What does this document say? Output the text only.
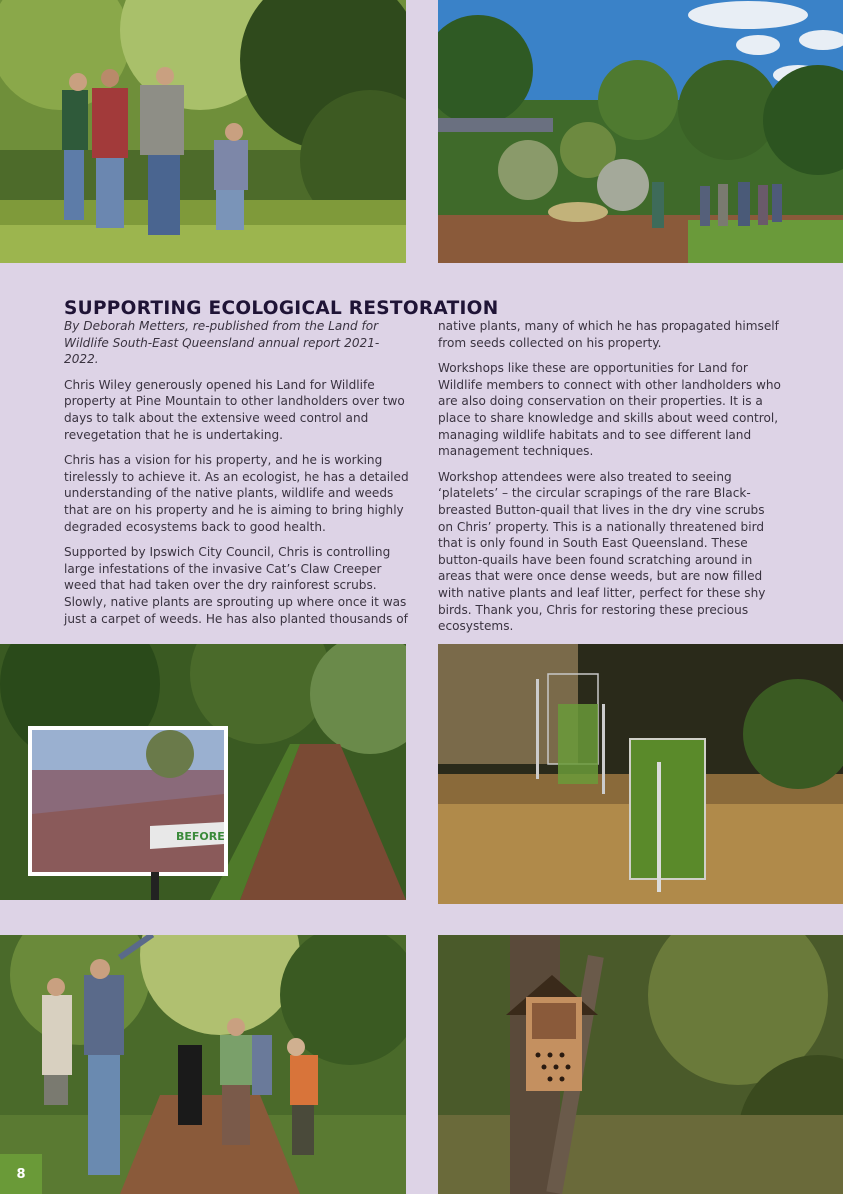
SUPPORTING ECOLOGICAL RESTORATION

By Deborah Metters, re-published from the Land for Wildlife South-East Queensland annual report 2021-2022.

Chris Wiley generously opened his Land for Wildlife property at Pine Mountain to other landholders over two days to talk about the extensive weed control and revegetation that he is undertaking.

Chris has a vision for his property, and he is working tirelessly to achieve it. As an ecologist, he has a detailed understanding of the native plants, wildlife and weeds that are on his property and he is aiming to bring highly degraded ecosystems back to good health.

Supported by Ipswich City Council, Chris is controlling large infestations of the invasive Cat’s Claw Creeper weed that had taken over the dry rainforest scrubs. Slowly, native plants are sprouting up where once it was just a carpet of weeds. He has also planted thousands of

native plants, many of which he has propagated himself from seeds collected on his property.

Workshops like these are opportunities for Land for Wildlife members to connect with other landholders who are also doing conservation on their properties. It is a place to share knowledge and skills about weed control, managing wildlife habitats and to see different land management techniques.

Workshop attendees were also treated to seeing ‘platelets’ – the circular scrapings of the rare Black-breasted Button-quail that lives in the dry vine scrubs on Chris’ property. This is a nationally threatened bird that is only found in South East Queensland. These button-quails have been found scratching around in areas that were once dense weeds, but are now filled with native plants and leaf litter, perfect for these shy birds. Thank you, Chris for restoring these precious ecosystems.

BEFORE
8
